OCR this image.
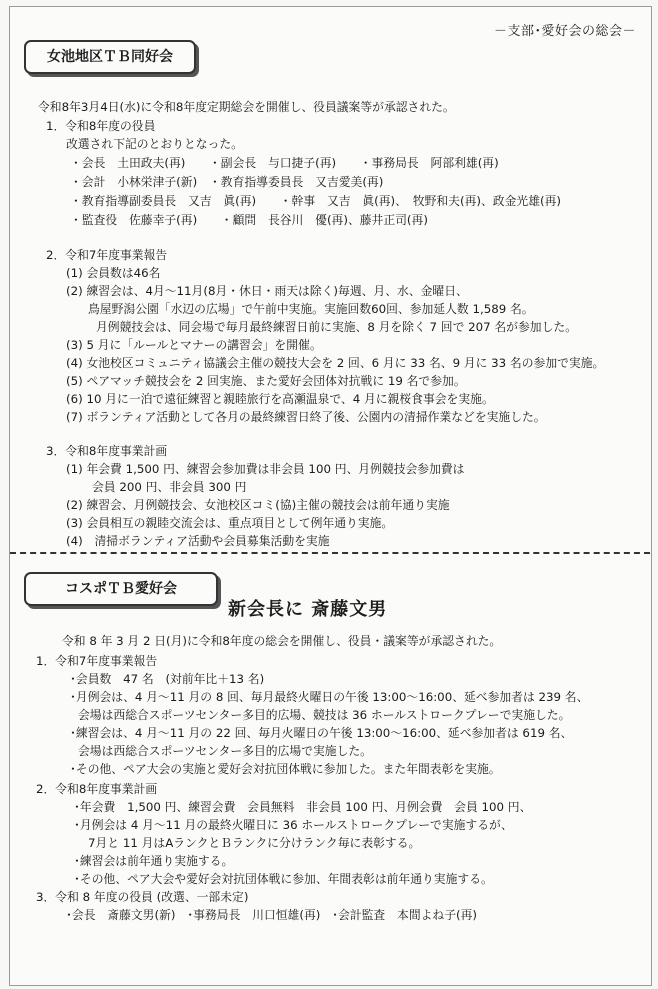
－支部･愛好会の総会－
女池地区ＴＢ同好会
令和8年3月4日(水)に令和8年度定期総会を開催し、役員議案等が承認された。
1．令和8年度の役員
改選され下記のとおりとなった。
・会長　土田政夫(再)　　・副会長　与口捷子(再)　　・事務局長　阿部利雄(再)
・会計　小林栄津子(新)　・教育指導委員長　又吉愛美(再)
・教育指導副委員長　又吉　眞(再)　　・幹事　又吉　眞(再)、　牧野和夫(再)、政金光雄(再)
・監査役　佐藤幸子(再)　　・顧問　長谷川　優(再)、藤井正司(再)
2．令和7年度事業報告
(1) 会員数は46名
(2) 練習会は、4月～11月(8月・休日・雨天は除く)毎週、月、水、金曜日、
鳥屋野潟公園「水辺の広場」で午前中実施。実施回数60回、参加延人数 1,589 名。
月例競技会は、同会場で毎月最終練習日前に実施、8 月を除く 7 回で 207 名が参加した。
(3) 5 月に「ルールとマナーの講習会」を開催。
(4) 女池校区コミュニティ協議会主催の競技大会を 2 回、6 月に 33 名、9 月に 33 名の参加で実施。
(5) ペアマッチ競技会を 2 回実施、また愛好会団体対抗戦に 19 名で参加。
(6) 10 月に一泊で遠征練習と親睦旅行を高瀬温泉で、4 月に親桜食事会を実施。
(7) ボランティア活動として各月の最終練習日終了後、公園内の清掃作業などを実施した。
3．令和8年度事業計画
(1) 年会費 1,500 円、練習会参加費は非会員 100 円、月例競技会参加費は
会員 200 円、非会員 300 円
(2) 練習会、月例競技会、女池校区コミ(協)主催の競技会は前年通り実施
(3) 会員相互の親睦交流会は、重点項目として例年通り実施。
(4)　清掃ボランティア活動や会員募集活動を実施
コスポＴＢ愛好会
新会長に 斎藤文男
令和 8 年 3 月 2 日(月)に令和8年度の総会を開催し、役員・議案等が承認された。
1．令和7年度事業報告
･会員数　47 名　(対前年比＋13 名)
･月例会は、4 月～11 月の 8 回、毎月最終火曜日の午後 13:00～16:00、延べ参加者は 239 名、
会場は西総合スポーツセンター多目的広場、競技は 36 ホールストロークプレーで実施した。
･練習会は、4 月～11 月の 22 回、毎月火曜日の午後 13:00～16:00、延べ参加者は 619 名、
会場は西総合スポーツセンター多目的広場で実施した。
･その他、ペア大会の実施と愛好会対抗団体戦に参加した。また年間表彰を実施。
2．令和8年度事業計画
･年会費　1,500 円、練習会費　会員無料　非会員 100 円、月例会費　会員 100 円、
･月例会は 4 月～11 月の最終火曜日に 36 ホールストロークプレーで実施するが、
7月と 11 月はAランクとＢランクに分けランク毎に表彰する。
･練習会は前年通り実施する。
･その他、ペア大会や愛好会対抗団体戦に参加、年間表彰は前年通り実施する。
3．令和 8 年度の役員 (改選、一部未定)
･会長　斎藤文男(新)　･事務局長　川口恒雄(再)　･会計監査　本間よね子(再)
